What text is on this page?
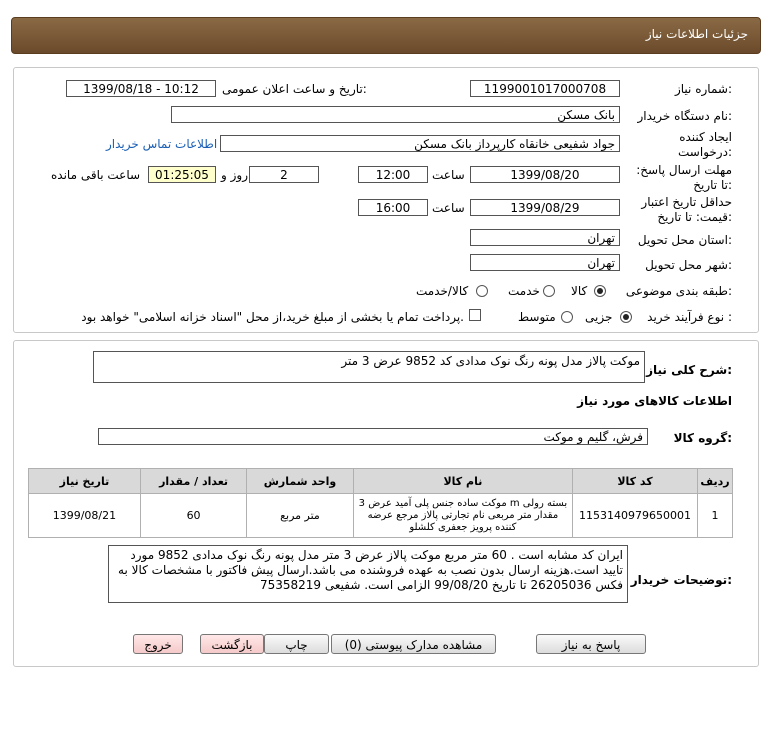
جزئیات اطلاعات نیاز
شماره نیاز:
1199001017000708
تاریخ و ساعت اعلان عمومی:
1399/08/18 - 10:12
نام دستگاه خریدار:
بانک مسکن
ایجاد کننده درخواست:
جواد شفیعی خانقاه کارپرداز بانک مسکن
اطلاعات تماس خریدار
مهلت ارسال پاسخ: تا تاریخ:
1399/08/20
ساعت
12:00
2
روز و
01:25:05
ساعت باقی مانده
حداقل تاریخ اعتبار قیمت: تا تاریخ:
1399/08/29
ساعت
16:00
استان محل تحویل:
تهران
شهر محل تحویل:
تهران
طبقه بندی موضوعی:
کالا
خدمت
کالا/خدمت
نوع فرآیند خرید :
جزیی
متوسط
پرداخت تمام یا بخشی از مبلغ خرید،از محل "اسناد خزانه اسلامی" خواهد بود.
شرح کلی نیاز:
موکت پالاز مدل پونه رنگ نوک مدادی کد 9852 عرض 3 متر
اطلاعات کالاهای مورد نیاز
گروه کالا:
فرش، گلیم و موکت
تاریخ نیاز	تعداد / مقدار	واحد شمارش	نام کالا	کد کالا	ردیف
1399/08/21	60	متر مربع	موکت ساده جنس پلی آمید عرض 3 m بسته رولی مقدار متر مربعی نام تجارتی پالاز مرجع عرضه کننده پرویز جعفری کلشلو	1153140979650001	1
توضیحات خریدار:
ایران کد مشابه است . 60 متر مربع موکت پالاز عرض 3 متر مدل پونه رنگ نوک مدادی 9852 مورد تایید است.هزینه ارسال بدون نصب به عهده فروشنده می باشد.ارسال پیش فاکتور با مشخصات کالا به فکس 26205036 تا تاریخ 99/08/20 الزامی است. شفیعی 75358219
پاسخ به نیاز
مشاهده مدارک پیوستی (0)
چاپ
بازگشت
خروج
